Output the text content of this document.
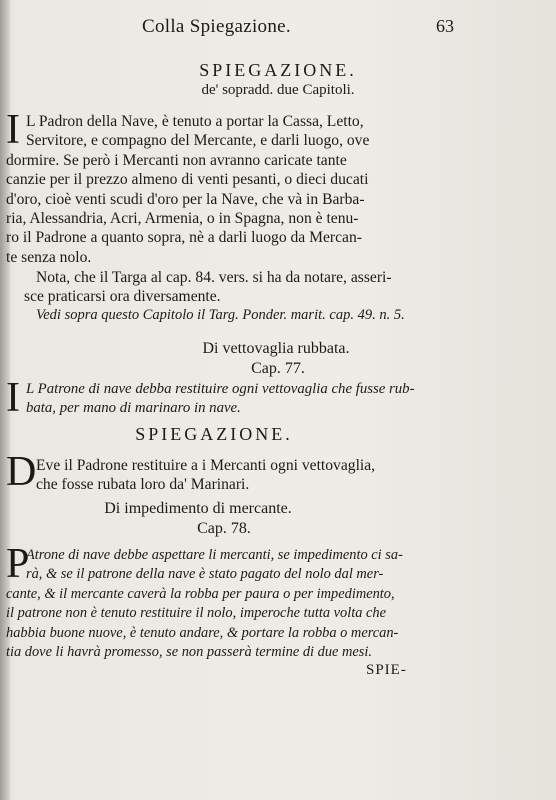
Colla Spiegazione.	63
SPIEGAZIONE.
de' sopradd. due Capitoli.
I L Padron della Nave, è tenuto a portar la Cassa, Letto,
Servitore, e compagno del Mercante, e darli luogo, ove
dormire. Se però i Mercanti non avranno caricate tante
canzie per il prezzo almeno di venti pesanti, o dieci ducati
d'oro, cioè venti scudi d'oro per la Nave, che và in Barba-
ria, Alessandria, Acri, Armenia, o in Spagna, non è tenu-
ro il Padrone a quanto sopra, nè a darli luogo da Mercan-
te senza nolo.
Nota, che il Targa al cap. 84. vers. si ha da notare, asseri-
sce praticarsi ora diversamente.
Vedi sopra questo Capitolo il Targ. Ponder. marit. cap. 49. n. 5.
Di vettovaglia rubbata.
Cap. 77.
I L Patrone di nave debba restituire ogni vettovaglia che fusse rub-
bata, per mano di marinaro in nave.
SPIEGAZIONE.
D Eve il Padrone restituire a i Mercanti ogni vettovaglia,
che fosse rubata loro da' Marinari.
Di impedimento di mercante.
Cap. 78.
P
Atrone di nave debbe aspettare li mercanti, se impedimento ci sa-
rà, & se il patrone della nave è stato pagato del nolo dal mer-
cante, & il mercante caverà la robba per paura o per impedimento,
il patrone non è tenuto restituire il nolo, imperoche tutta volta che
habbia buone nuove, è tenuto andare, & portare la robba o mercan-
tia dove li havrà promesso, se non passerà termine di due mesi.
SPIE-
